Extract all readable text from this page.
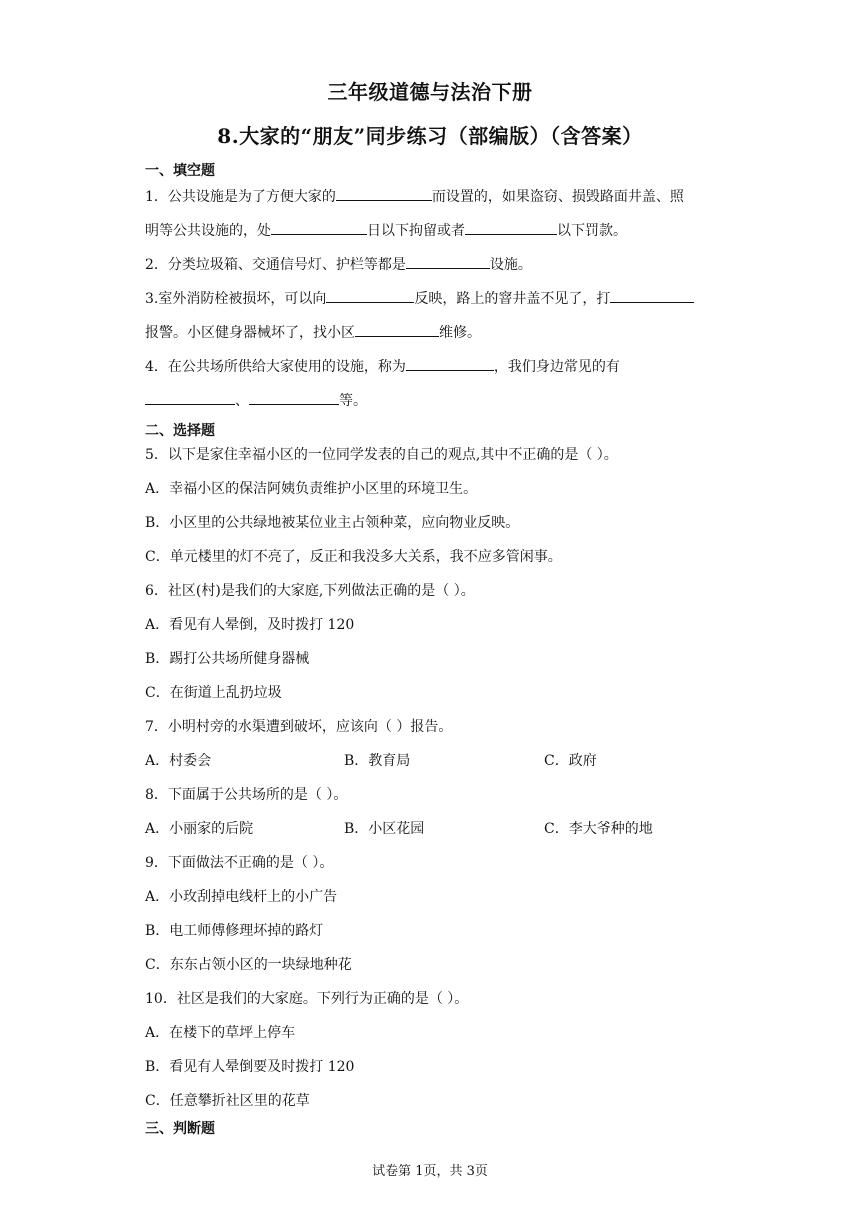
三年级道德与法治下册
8.大家的“朋友”同步练习（部编版）（含答案）
一、填空题
1．公共设施是为了方便大家的	而设置的，如果盗窃、损毁路面井盖、照
明等公共设施的，处	日以下拘留或者	以下罚款。
2．分类垃圾箱、交通信号灯、护栏等都是	设施。
3.室外消防栓被损坏，可以向	反映，路上的窨井盖不见了，打
报警。小区健身器械坏了，找小区	维修。
4．在公共场所供给大家使用的设施，称为	，我们身边常见的有
、	等。
二、选择题
5．以下是家住幸福小区的一位同学发表的自己的观点,其中不正确的是（ ）。
A．幸福小区的保洁阿姨负责维护小区里的环境卫生。
B．小区里的公共绿地被某位业主占领种菜，应向物业反映。
C．单元楼里的灯不亮了，反正和我没多大关系，我不应多管闲事。
6．社区(村)是我们的大家庭,下列做法正确的是（ ）。
A．看见有人晕倒，及时拨打 120
B．踢打公共场所健身器械
C．在街道上乱扔垃圾
7．小明村旁的水渠遭到破坏，应该向（ ）报告。
A．村委会	B．教育局	C．政府
8．下面属于公共场所的是（ ）。
A．小丽家的后院	B．小区花园	C．李大爷种的地
9．下面做法不正确的是（ ）。
A．小玫刮掉电线杆上的小广告
B．电工师傅修理坏掉的路灯
C．东东占领小区的一块绿地种花
10．社区是我们的大家庭。下列行为正确的是（ ）。
A．在楼下的草坪上停车
B．看见有人晕倒要及时拨打 120
C．任意攀折社区里的花草
三、判断题
试卷第 1页，共 3页
